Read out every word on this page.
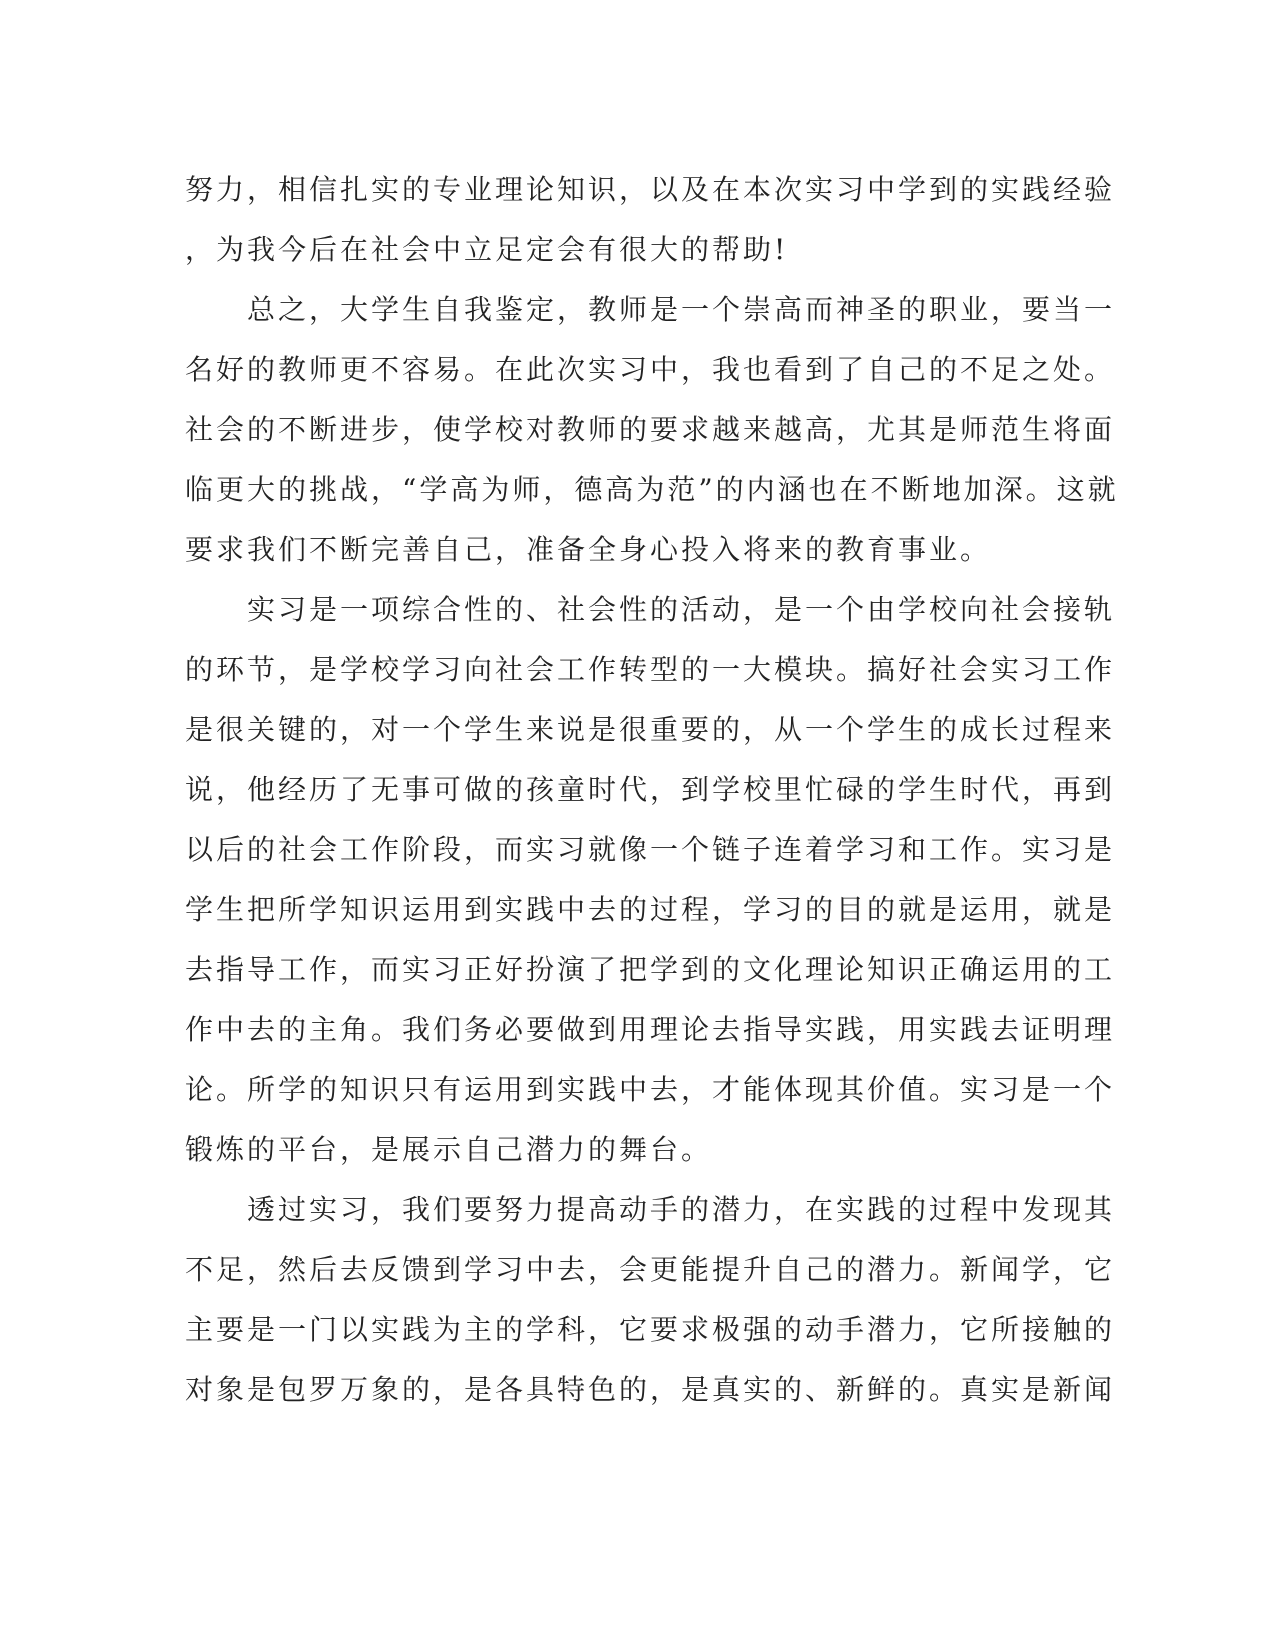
努力，相信扎实的专业理论知识，以及在本次实习中学到的实践经验
，为我今后在社会中立足定会有很大的帮助!
　　总之，大学生自我鉴定，教师是一个崇高而神圣的职业，要当一
名好的教师更不容易。在此次实习中，我也看到了自己的不足之处。
社会的不断进步，使学校对教师的要求越来越高，尤其是师范生将面
临更大的挑战，“学高为师，德高为范”的内涵也在不断地加深。这就
要求我们不断完善自己，准备全身心投入将来的教育事业。
　　实习是一项综合性的、社会性的活动，是一个由学校向社会接轨
的环节，是学校学习向社会工作转型的一大模块。搞好社会实习工作
是很关键的，对一个学生来说是很重要的，从一个学生的成长过程来
说，他经历了无事可做的孩童时代，到学校里忙碌的学生时代，再到
以后的社会工作阶段，而实习就像一个链子连着学习和工作。实习是
学生把所学知识运用到实践中去的过程，学习的目的就是运用，就是
去指导工作，而实习正好扮演了把学到的文化理论知识正确运用的工
作中去的主角。我们务必要做到用理论去指导实践，用实践去证明理
论。所学的知识只有运用到实践中去，才能体现其价值。实习是一个
锻炼的平台，是展示自己潜力的舞台。
　　透过实习，我们要努力提高动手的潜力，在实践的过程中发现其
不足，然后去反馈到学习中去，会更能提升自己的潜力。新闻学，它
主要是一门以实践为主的学科，它要求极强的动手潜力，它所接触的
对象是包罗万象的，是各具特色的，是真实的、新鲜的。真实是新闻
